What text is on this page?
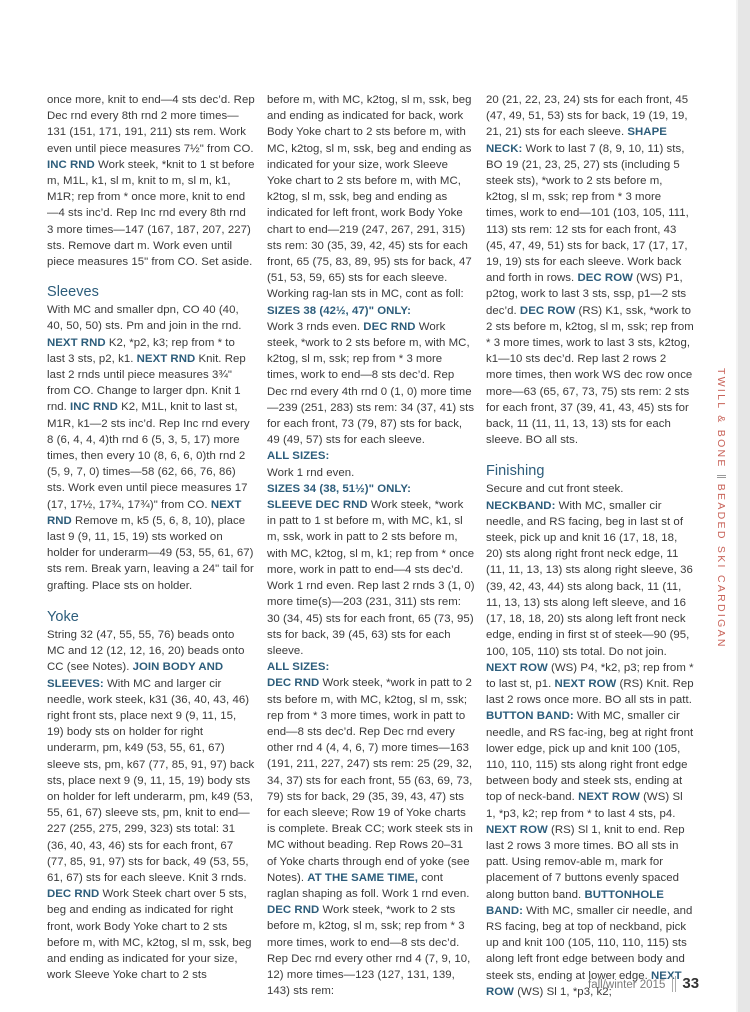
once more, knit to end—4 sts dec’d. Rep Dec rnd every 8th rnd 2 more times—131 (151, 171, 191, 211) sts rem. Work even until piece measures 7½" from CO. INC RND Work steek, *knit to 1 st before m, M1L, k1, sl m, knit to m, sl m, k1, M1R; rep from * once more, knit to end—4 sts inc’d. Rep Inc rnd every 8th rnd 3 more times—147 (167, 187, 207, 227) sts. Remove dart m. Work even until piece measures 15" from CO. Set aside.

Sleeves

With MC and smaller dpn, CO 40 (40, 40, 50, 50) sts. Pm and join in the rnd. NEXT RND K2, *p2, k3; rep from * to last 3 sts, p2, k1. NEXT RND Knit. Rep last 2 rnds until piece measures 3¾" from CO. Change to larger dpn. Knit 1 rnd. INC RND K2, M1L, knit to last st, M1R, k1—2 sts inc’d. Rep Inc rnd every 8 (6, 4, 4, 4)th rnd 6 (5, 3, 5, 17) more times, then every 10 (8, 6, 6, 0)th rnd 2 (5, 9, 7, 0) times—58 (62, 66, 76, 86) sts. Work even until piece measures 17 (17, 17½, 17¾, 17¾)" from CO. NEXT RND Remove m, k5 (5, 6, 8, 10), place last 9 (9, 11, 15, 19) sts worked on holder for underarm—49 (53, 55, 61, 67) sts rem. Break yarn, leaving a 24" tail for grafting. Place sts on holder.

Yoke

String 32 (47, 55, 55, 76) beads onto MC and 12 (12, 12, 16, 20) beads onto CC (see Notes). JOIN BODY AND SLEEVES: With MC and larger cir needle, work steek, k31 (36, 40, 43, 46) right front sts, place next 9 (9, 11, 15, 19) body sts on holder for right underarm, pm, k49 (53, 55, 61, 67) sleeve sts, pm, k67 (77, 85, 91, 97) back sts, place next 9 (9, 11, 15, 19) body sts on holder for left underarm, pm, k49 (53, 55, 61, 67) sleeve sts, pm, knit to end—227 (255, 275, 299, 323) sts total: 31 (36, 40, 43, 46) sts for each front, 67 (77, 85, 91, 97) sts for back, 49 (53, 55, 61, 67) sts for each sleeve. Knit 3 rnds. DEC RND Work Steek chart over 5 sts, beg and ending as indicated for right front, work Body Yoke chart to 2 sts before m, with MC, k2tog, sl m, ssk, beg and ending as indicated for your size, work Sleeve Yoke chart to 2 sts

before m, with MC, k2tog, sl m, ssk, beg and ending as indicated for back, work Body Yoke chart to 2 sts before m, with MC, k2tog, sl m, ssk, beg and ending as indicated for your size, work Sleeve Yoke chart to 2 sts before m, with MC, k2tog, sl m, ssk, beg and ending as indicated for left front, work Body Yoke chart to end—219 (247, 267, 291, 315) sts rem: 30 (35, 39, 42, 45) sts for each front, 65 (75, 83, 89, 95) sts for back, 47 (51, 53, 59, 65) sts for each sleeve. Working rag-lan sts in MC, cont as foll:

SIZES 38 (42½, 47)" ONLY:

Work 3 rnds even. DEC RND Work steek, *work to 2 sts before m, with MC, k2tog, sl m, ssk; rep from * 3 more times, work to end—8 sts dec’d. Rep Dec rnd every 4th rnd 0 (1, 0) more time—239 (251, 283) sts rem: 34 (37, 41) sts for each front, 73 (79, 87) sts for back, 49 (49, 57) sts for each sleeve.

ALL SIZES:

Work 1 rnd even.

SIZES 34 (38, 51½)" ONLY:

SLEEVE DEC RND Work steek, *work in patt to 1 st before m, with MC, k1, sl m, ssk, work in patt to 2 sts before m, with MC, k2tog, sl m, k1; rep from * once more, work in patt to end—4 sts dec’d. Work 1 rnd even. Rep last 2 rnds 3 (1, 0) more time(s)—203 (231, 311) sts rem: 30 (34, 45) sts for each front, 65 (73, 95) sts for back, 39 (45, 63) sts for each sleeve.

ALL SIZES:

DEC RND Work steek, *work in patt to 2 sts before m, with MC, k2tog, sl m, ssk; rep from * 3 more times, work in patt to end—8 sts dec’d. Rep Dec rnd every other rnd 4 (4, 4, 6, 7) more times—163 (191, 211, 227, 247) sts rem: 25 (29, 32, 34, 37) sts for each front, 55 (63, 69, 73, 79) sts for back, 29 (35, 39, 43, 47) sts for each sleeve; Row 19 of Yoke charts is complete. Break CC; work steek sts in MC without beading. Rep Rows 20–31 of Yoke charts through end of yoke (see Notes). AT THE SAME TIME, cont raglan shaping as foll. Work 1 rnd even. DEC RND Work steek, *work to 2 sts before m, k2tog, sl m, ssk; rep from * 3 more times, work to end—8 sts dec’d. Rep Dec rnd every other rnd 4 (7, 9, 10, 12) more times—123 (127, 131, 139, 143) sts rem:

20 (21, 22, 23, 24) sts for each front, 45 (47, 49, 51, 53) sts for back, 19 (19, 19, 21, 21) sts for each sleeve. SHAPE NECK: Work to last 7 (8, 9, 10, 11) sts, BO 19 (21, 23, 25, 27) sts (including 5 steek sts), *work to 2 sts before m, k2tog, sl m, ssk; rep from * 3 more times, work to end—101 (103, 105, 111, 113) sts rem: 12 sts for each front, 43 (45, 47, 49, 51) sts for back, 17 (17, 17, 19, 19) sts for each sleeve. Work back and forth in rows. DEC ROW (WS) P1, p2tog, work to last 3 sts, ssp, p1—2 sts dec’d. DEC ROW (RS) K1, ssk, *work to 2 sts before m, k2tog, sl m, ssk; rep from * 3 more times, work to last 3 sts, k2tog, k1—10 sts dec’d. Rep last 2 rows 2 more times, then work WS dec row once more—63 (65, 67, 73, 75) sts rem: 2 sts for each front, 37 (39, 41, 43, 45) sts for back, 11 (11, 11, 13, 13) sts for each sleeve. BO all sts.

Finishing

Secure and cut front steek. NECKBAND: With MC, smaller cir needle, and RS facing, beg in last st of steek, pick up and knit 16 (17, 18, 18, 20) sts along right front neck edge, 11 (11, 11, 13, 13) sts along right sleeve, 36 (39, 42, 43, 44) sts along back, 11 (11, 11, 13, 13) sts along left sleeve, and 16 (17, 18, 18, 20) sts along left front neck edge, ending in first st of steek—90 (95, 100, 105, 110) sts total. Do not join. NEXT ROW (WS) P4, *k2, p3; rep from * to last st, p1. NEXT ROW (RS) Knit. Rep last 2 rows once more. BO all sts in patt. BUTTON BAND: With MC, smaller cir needle, and RS fac-ing, beg at right front lower edge, pick up and knit 100 (105, 110, 110, 115) sts along right front edge between body and steek sts, ending at top of neck-band. NEXT ROW (WS) Sl 1, *p3, k2; rep from * to last 4 sts, p4. NEXT ROW (RS) Sl 1, knit to end. Rep last 2 rows 3 more times. BO all sts in patt. Using remov-able m, mark for placement of 7 buttons evenly spaced along button band. BUTTONHOLE BAND: With MC, smaller cir needle, and RS facing, beg at top of neckband, pick up and knit 100 (105, 110, 110, 115) sts along left front edge between body and steek sts, ending at lower edge. NEXT ROW (WS) Sl 1, *p3, k2;

TWILL & BONEBEADED SKI CARDIGAN
fall/winter 2015 33
